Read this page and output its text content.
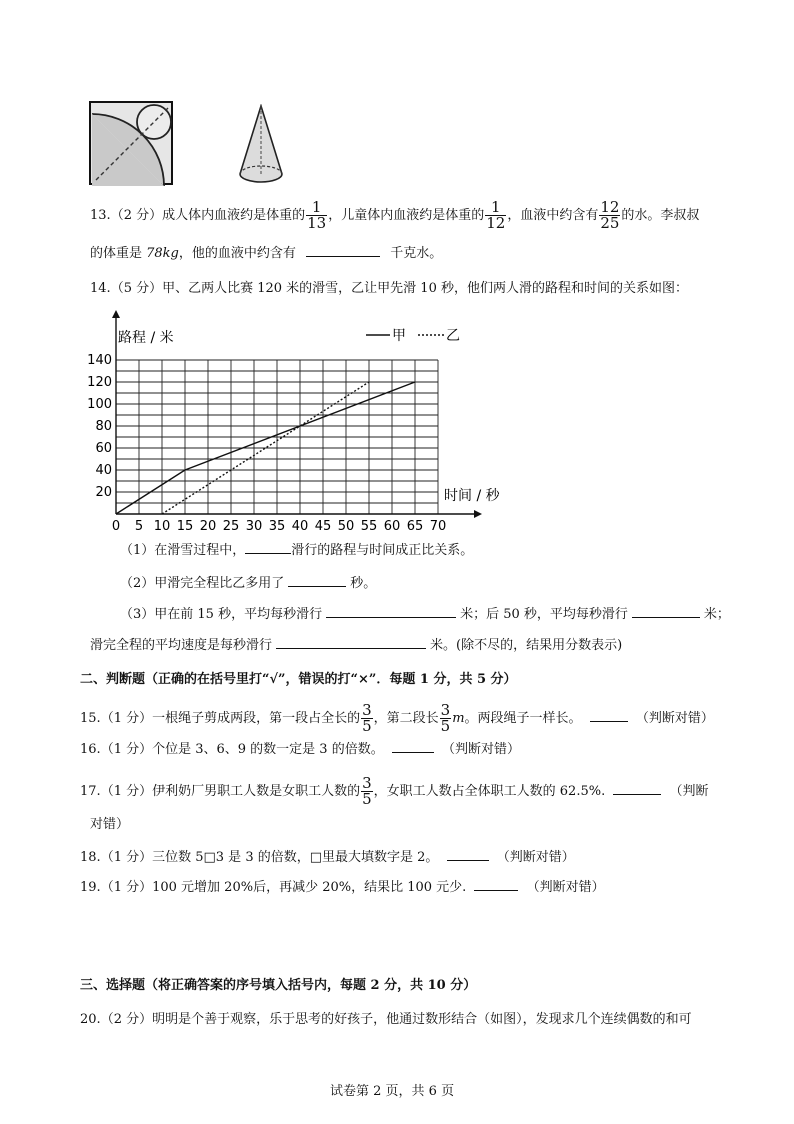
13.（2 分）成人体内血液约是体重的 $\frac{1}{13}$ ，儿童体内血液约是体重的 $\frac{1}{12}$ ，血液中约含有 $\frac{12}{25}$ 的水。李叔叔
的体重是 78kg，他的血液中约含有	千克水。
14.（5 分）甲、乙两人比赛 120 米的滑雪，乙让甲先滑 10 秒，他们两人滑的路程和时间的关系如图：
0 5 10 15 20 25 30 35 40 45 50 55 60 65 70
20
40
60
80
100
120
140
路程 / 米
时间 / 秒
甲	乙
（1）在滑雪过程中，	滑行的路程与时间成正比关系。
（2）甲滑完全程比乙多用了	秒。
（3）甲在前 15 秒，平均每秒滑行	米；后 50 秒，平均每秒滑行	米；
滑完全程的平均速度是每秒滑行	米。(除不尽的，结果用分数表示)
二、判断题（正确的在括号里打“√”，错误的打“×”．每题 1 分，共 5 分）
15.（1 分）一根绳子剪成两段，第一段占全长的 $\frac{3}{5}$ ，第二段长 $\frac{3}{5}$ m。两段绳子一样长。	（判断对错）
16.（1 分）个位是 3、6、9 的数一定是 3 的倍数。	（判断对错）
17.（1 分）伊利奶厂男职工人数是女职工人数的 $\frac{3}{5}$ ，女职工人数占全体职工人数的 62.5%.	（判断
对错）
18.（1 分）三位数 5□3 是 3 的倍数，□里最大填数字是 2。	（判断对错）
19.（1 分）100 元增加 20%后，再减少 20%，结果比 100 元少.	（判断对错）
三、选择题（将正确答案的序号填入括号内，每题 2 分，共 10 分）
20.（2 分）明明是个善于观察，乐于思考的好孩子，他通过数形结合（如图），发现求几个连续偶数的和可
试卷第 2 页，共 6 页
